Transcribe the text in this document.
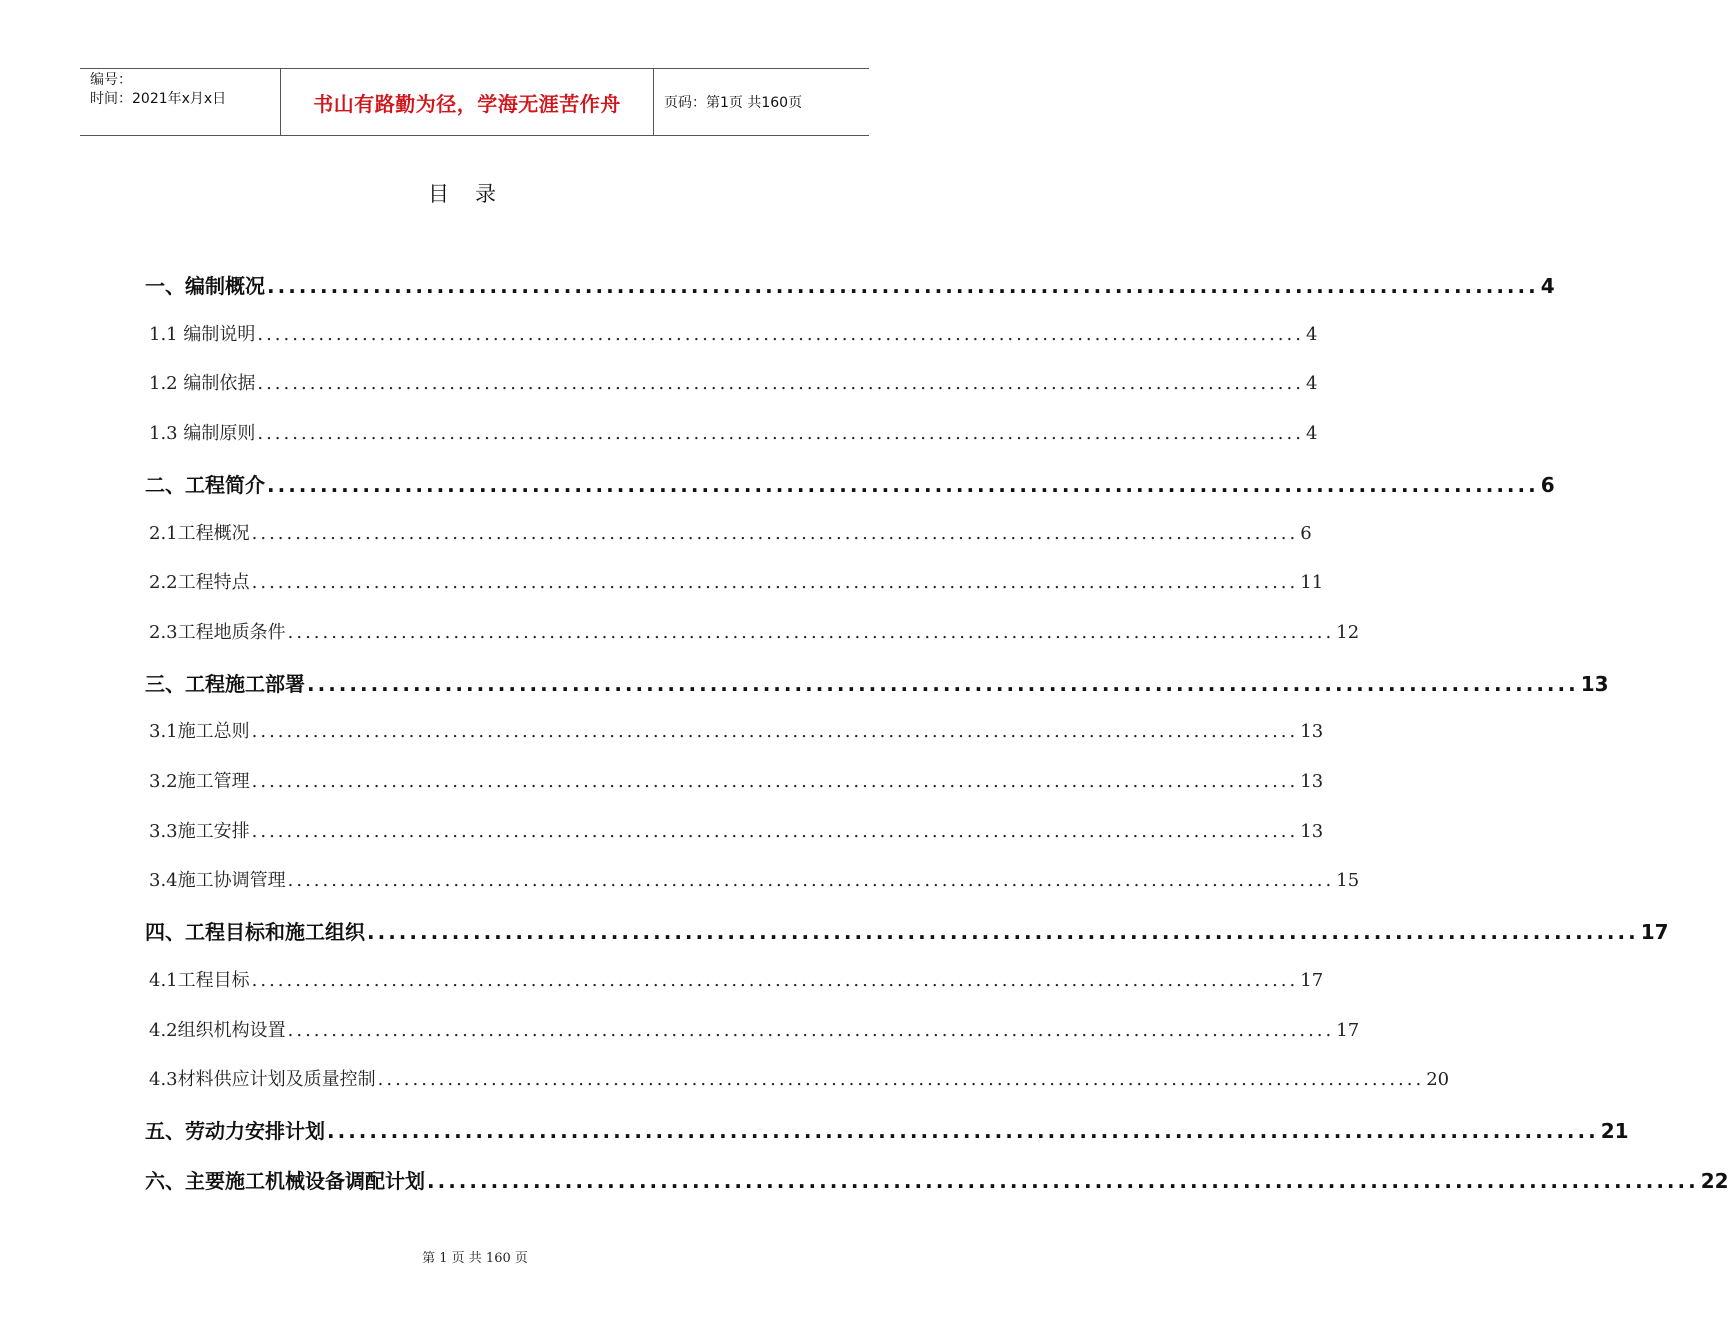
编号：
时间：2021年x月x日	书山有路勤为径，学海无涯苦作舟	页码：第1页 共160页
目录
一、编制概况 ........................................................................................................................ 4
1.1 编制说明 ........................................................................................................................ 4
1.2 编制依据 ........................................................................................................................ 4
1.3 编制原则 ........................................................................................................................ 4
二、工程简介 ........................................................................................................................ 6
2.1工程概况 ........................................................................................................................ 6
2.2工程特点 ........................................................................................................................ 11
2.3工程地质条件 ........................................................................................................................ 12
三、工程施工部署 ........................................................................................................................ 13
3.1施工总则 ........................................................................................................................ 13
3.2施工管理 ........................................................................................................................ 13
3.3施工安排 ........................................................................................................................ 13
3.4施工协调管理 ........................................................................................................................ 15
四、工程目标和施工组织 ........................................................................................................................ 17
4.1工程目标 ........................................................................................................................ 17
4.2组织机构设置 ........................................................................................................................ 17
4.3材料供应计划及质量控制 ........................................................................................................................ 20
五、劳动力安排计划 ........................................................................................................................ 21
六、主要施工机械设备调配计划 ........................................................................................................................ 22
第 1 页 共 160 页
